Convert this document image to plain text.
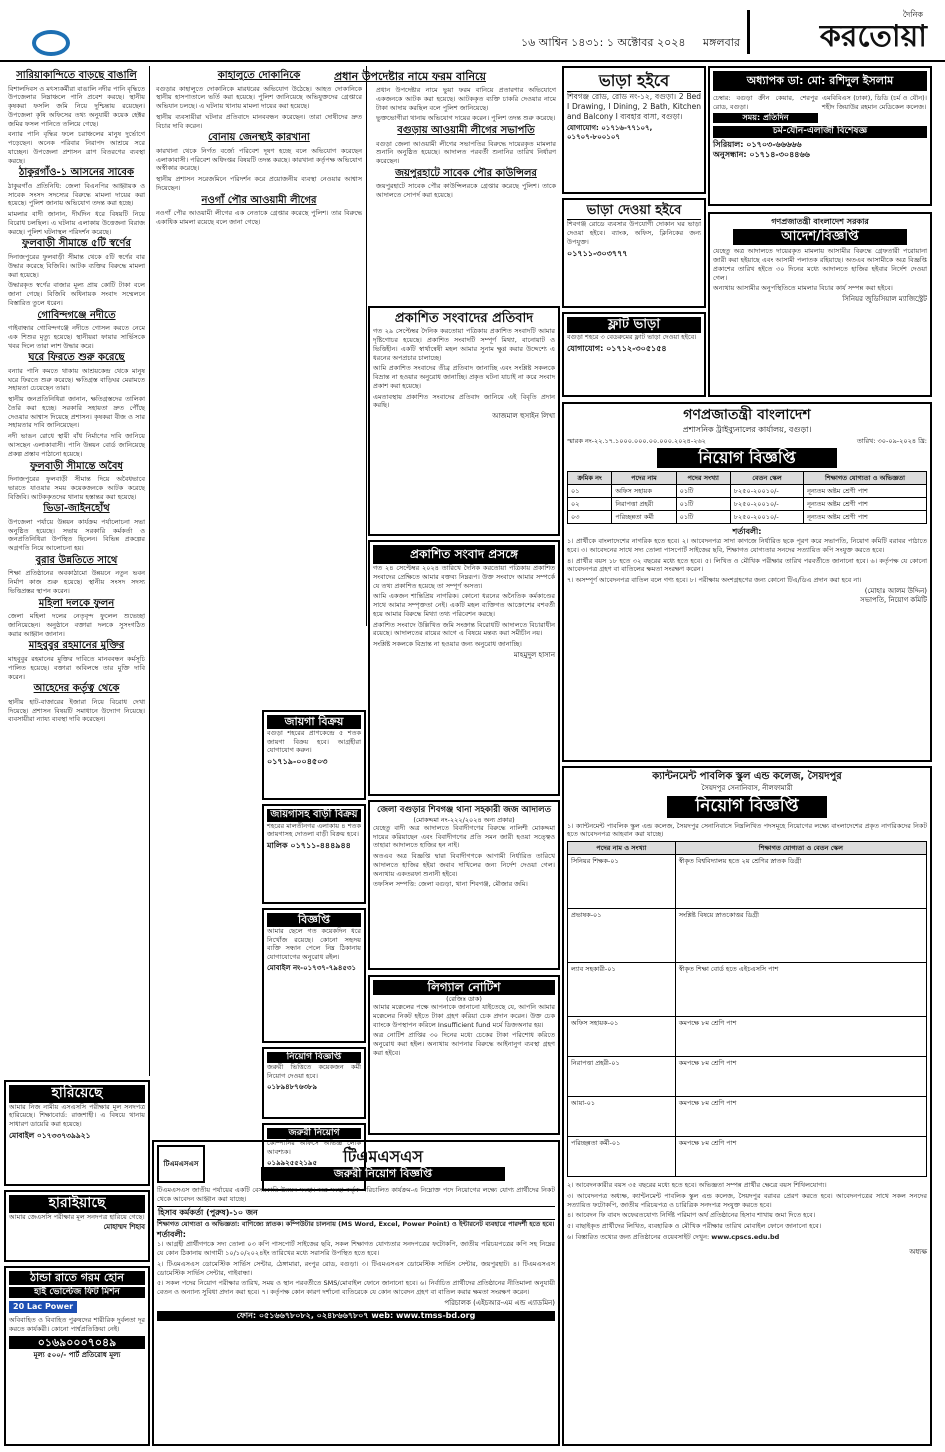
১৬ আশ্বিন ১৪৩১: ১ অক্টোবর ২০২৪ মঙ্গলবার
দৈনিক
করতোয়া
সারিয়াকান্দিতে বাড়ছে বাঙালি

বিশালদিবস ও মৎস্যকর্মীরা বাঙালি নদীর পানি বৃদ্ধিতে উপজেলার নিম্নাঞ্চলে পানি প্রবেশ করছে। স্থানীয় কৃষকরা ফসলি জমি নিয়ে দুশ্চিন্তায় রয়েছেন। উপজেলা কৃষি অফিসের তথ্য অনুযায়ী কয়েক হেক্টর জমির ফসল পানিতে তলিয়ে গেছে।

বন্যার পানি বৃদ্ধির ফলে চরাঞ্চলের মানুষ দুর্ভোগে পড়েছেন। অনেক পরিবার নিরাপদ আশ্রয়ে সরে যাচ্ছেন। উপজেলা প্রশাসন ত্রাণ বিতরণের ব্যবস্থা করছে।

ঠাকুরগাঁও-১ আসনের সাবেক

ঠাকুরগাঁও প্রতিনিধি: জেলা বিএনপির আহ্বায়ক ও সাবেক সংসদ সদস্যের বিরুদ্ধে মামলা দায়ের করা হয়েছে। পুলিশ জানায় অভিযোগ তদন্ত করা হচ্ছে।

মামলার বাদী জানান, দীর্ঘদিন ধরে বিষয়টি নিয়ে বিরোধ চলছিল। এ ঘটনায় এলাকায় উত্তেজনা বিরাজ করছে। পুলিশ ঘটনাস্থল পরিদর্শন করেছে।

ফুলবাড়ী সীমান্তে ৫টি স্বর্ণের

দিনাজপুরের ফুলবাড়ী সীমান্ত থেকে ৫টি স্বর্ণের বার উদ্ধার করেছে বিজিবি। আটক ব্যক্তির বিরুদ্ধে মামলা করা হয়েছে।

উদ্ধারকৃত স্বর্ণের বাজার মূল্য প্রায় কোটি টাকা বলে জানা গেছে। বিজিবি অধিনায়ক সংবাদ সম্মেলনে বিস্তারিত তুলে ধরেন।

গোবিন্দগঞ্জে নদীতে

গাইবান্ধার গোবিন্দগঞ্জে নদীতে গোসল করতে নেমে এক শিশুর মৃত্যু হয়েছে। স্থানীয়রা ফায়ার সার্ভিসকে খবর দিলে তারা লাশ উদ্ধার করে।

ঘরে ফিরতে শুরু করেছে

বন্যার পানি কমতে থাকায় আশ্রয়কেন্দ্র থেকে মানুষ ঘরে ফিরতে শুরু করেছে। ক্ষতিগ্রস্ত বাড়িঘর মেরামতে সহায়তা চেয়েছেন তারা।

স্থানীয় জনপ্রতিনিধিরা জানান, ক্ষতিগ্রস্তদের তালিকা তৈরি করা হচ্ছে। সরকারি সহায়তা দ্রুত পৌঁছে দেওয়ার আশ্বাস দিয়েছে প্রশাসন। কৃষকরা বীজ ও সার সহায়তার দাবি জানিয়েছেন।

নদী ভাঙন রোধে স্থায়ী বাঁধ নির্মাণের দাবি জানিয়ে আসছেন এলাকাবাসী। পানি উন্নয়ন বোর্ড জানিয়েছে প্রকল্প প্রস্তাব পাঠানো হয়েছে।

ফুলবাড়ী সীমান্তে অবৈধ

দিনাজপুরের ফুলবাড়ী সীমান্ত দিয়ে অবৈধভাবে ভারতে যাওয়ার সময় কয়েকজনকে আটক করেছে বিজিবি। আটককৃতদের থানায় হস্তান্তর করা হয়েছে।

ভিডা-জাইনহোঁথ

উপজেলা পর্যায়ে উন্নয়ন কার্যক্রম পর্যালোচনা সভা অনুষ্ঠিত হয়েছে। সভায় সরকারি কর্মকর্তা ও জনপ্রতিনিধিরা উপস্থিত ছিলেন। বিভিন্ন প্রকল্পের অগ্রগতি নিয়ে আলোচনা হয়।

বুরার উন্নতিতে সাথে

শিক্ষা প্রতিষ্ঠানের অবকাঠামো উন্নয়নে নতুন ভবন নির্মাণ কাজ শুরু হয়েছে। স্থানীয় সংসদ সদস্য ভিত্তিপ্রস্তর স্থাপন করেন।

মহিলা দলকে ফুলন

জেলা মহিলা দলের নেতৃবৃন্দ ফুলেল শুভেচ্ছা জানিয়েছেন। অনুষ্ঠানে বক্তারা দলকে সুসংগঠিত করার আহ্বান জানান।

মাহবুবুর রহমানের মুক্তির

মাহবুবুর রহমানের মুক্তির দাবিতে মানববন্ধন কর্মসূচি পালিত হয়েছে। বক্তারা অবিলম্বে তার মুক্তি দাবি করেন।

আহেদের কর্তৃত্ব থেকে

স্থানীয় হাট-বাজারের ইজারা নিয়ে বিরোধ দেখা দিয়েছে। প্রশাসন বিষয়টি সমাধানে উদ্যোগ নিয়েছে। ব্যবসায়ীরা ন্যায্য ব্যবস্থা দাবি করেছেন।

কাহালুতে দোকানিকে

বগুড়ার কাহালুতে দোকানিকে মারধরের অভিযোগ উঠেছে। আহত দোকানিকে স্থানীয় হাসপাতালে ভর্তি করা হয়েছে। পুলিশ জানিয়েছে অভিযুক্তদের গ্রেপ্তারে অভিযান চলছে। এ ঘটনায় থানায় মামলা দায়ের করা হয়েছে।

স্থানীয় ব্যবসায়ীরা ঘটনার প্রতিবাদে মানববন্ধন করেছেন। তারা দোষীদের দ্রুত বিচার দাবি করেন।

বোনায় জেনস্থ্যই কারখানা

কারখানা থেকে নির্গত বর্জ্যে পরিবেশ দূষণ হচ্ছে বলে অভিযোগ করেছেন এলাকাবাসী। পরিবেশ অধিদপ্তর বিষয়টি তদন্ত করছে। কারখানা কর্তৃপক্ষ অভিযোগ অস্বীকার করেছে।

স্থানীয় প্রশাসন সরেজমিনে পরিদর্শন করে প্রয়োজনীয় ব্যবস্থা নেওয়ার আশ্বাস দিয়েছেন।

নওগাঁ পৌর আওয়ামী লীগের

নওগাঁ পৌর আওয়ামী লীগের এক নেতাকে গ্রেপ্তার করেছে পুলিশ। তার বিরুদ্ধে একাধিক মামলা রয়েছে বলে জানা গেছে।

প্রধান উপদেষ্টার নামে ফরম বানিয়ে

প্রধান উপদেষ্টার নামে ভুয়া ফরম বানিয়ে প্রতারণার অভিযোগে একজনকে আটক করা হয়েছে। আটককৃত ব্যক্তি চাকরি দেওয়ার নামে টাকা আদায় করছিল বলে পুলিশ জানিয়েছে।

ভুক্তভোগীরা থানায় অভিযোগ দায়ের করেন। পুলিশ তদন্ত শুরু করেছে।

বগুড়ায় আওয়ামী লীগের সভাপতি

বগুড়া জেলা আওয়ামী লীগের সভাপতির বিরুদ্ধে দায়েরকৃত মামলার শুনানি অনুষ্ঠিত হয়েছে। আদালত পরবর্তী শুনানির তারিখ নির্ধারণ করেছেন।

জয়পুরহাটে সাবেক পৌর কাউন্সিলর

জয়পুরহাটে সাবেক পৌর কাউন্সিলরকে গ্রেপ্তার করেছে পুলিশ। তাকে আদালতে সোপর্দ করা হয়েছে।

প্রকাশিত সংবাদের প্রতিবাদ

গত ২৯ সেপ্টেম্বর দৈনিক করতোয়া পত্রিকায় প্রকাশিত সংবাদটি আমার দৃষ্টিগোচর হয়েছে। প্রকাশিত সংবাদটি সম্পূর্ণ মিথ্যা, বানোয়াট ও ভিত্তিহীন। একটি স্বার্থান্বেষী মহল আমার সুনাম ক্ষুণ্ণ করার উদ্দেশ্যে এ ধরনের অপপ্রচার চালাচ্ছে।

আমি প্রকাশিত সংবাদের তীব্র প্রতিবাদ জানাচ্ছি এবং সংশ্লিষ্ট সকলকে বিভ্রান্ত না হওয়ার অনুরোধ জানাচ্ছি। প্রকৃত ঘটনা যাচাই না করে সংবাদ প্রকাশ করা হয়েছে।

এমতাবস্থায় প্রকাশিত সংবাদের প্রতিবাদ জানিয়ে এই বিবৃতি প্রদান করছি।

আজমাল হুসাইন লিখা
প্রকাশিত সংবাদ প্রসঙ্গে

গত ২৪ সেপ্টেম্বর ২০২৪ তারিখে দৈনিক করতোয়া পত্রিকায় প্রকাশিত সংবাদের প্রেক্ষিতে আমার বক্তব্য নিম্নরূপ। উক্ত সংবাদে আমার সম্পর্কে যে তথ্য প্রকাশিত হয়েছে তা সম্পূর্ণ অসত্য।

আমি একজন শান্তিপ্রিয় নাগরিক। কোনো ধরনের অনৈতিক কর্মকাণ্ডের সাথে আমার সম্পৃক্ততা নেই। একটি মহল ব্যক্তিগত আক্রোশের বশবর্তী হয়ে আমার বিরুদ্ধে মিথ্যা তথ্য পরিবেশন করছে।

প্রকাশিত সংবাদে উল্লিখিত জমি সংক্রান্ত বিরোধটি আদালতে বিচারাধীন রয়েছে। আদালতের রায়ের আগে এ বিষয়ে মন্তব্য করা সমীচীন নয়।

সংশ্লিষ্ট সকলকে বিভ্রান্ত না হওয়ার জন্য অনুরোধ জানাচ্ছি।

মাহমুদুল হাসান
জায়গা বিক্রয়

বগুড়া শহরের প্রাণকেন্দ্রে ৫ শতক জায়গা বিক্রয় হবে। আগ্রহীরা যোগাযোগ করুন।

০১৭১৯-০০৪৫০৩
জায়গাসহ বাড়ী বিক্রয়

শহরের মালতীনগর এলাকায় ৪ শতক জায়গাসহ দোতলা বাড়ী বিক্রয় হবে।

মালিক ০১৭১১-৪৪৪৯৪৪
বিজ্ঞপ্তি

আমার ছেলে গত কয়েকদিন ধরে নিখোঁজ রয়েছে। কোনো সহৃদয় ব্যক্তি সন্ধান পেলে নিম্ন ঠিকানায় যোগাযোগের অনুরোধ রইল।

মোবাইল নং-০১৭৩৭-৭৯৪৫৩১
নিয়োগ বিজ্ঞপ্তি

জরুরী ভিত্তিতে কয়েকজন কর্মী নিয়োগ দেওয়া হবে।

০১৮৯৪৮৭৬৩৮৯
জরুরী নিয়োগ

কোম্পানির অফিসে অভিজ্ঞ লোক আবশ্যক।

০১৯৯২৫৫২১৯৫
জেলা বগুড়ার শিবগঞ্জ থানা সহকারী জজ আদালত
(মোকদ্দমা নং-২২২/২০২৪ অন্য প্রকার)

যেহেতু বাদী অত্র আদালতে বিবাদীগণের বিরুদ্ধে নালিশী মোকদ্দমা দায়ের করিয়াছেন এবং বিবাদীগণের প্রতি সমন জারী হওয়া সত্ত্বেও তাহারা আদালতে হাজির হন নাই।

অতএব অত্র বিজ্ঞপ্তি দ্বারা বিবাদীগণকে আগামী নির্ধারিত তারিখে আদালতে হাজির হইয়া জবাব দাখিলের জন্য নির্দেশ দেওয়া গেল। অন্যথায় একতরফা শুনানী হইবে।

তফসিল সম্পত্তি: জেলা বগুড়া, থানা শিবগঞ্জ, মৌজার জমি।

লিগ্যাল নোটিশ
(রেজিঃ ডাক)

আমার মক্কেলের পক্ষে আপনাকে জানানো যাইতেছে যে, আপনি আমার মক্কেলের নিকট হইতে টাকা গ্রহণ করিয়া চেক প্রদান করেন। উক্ত চেক ব্যাংকে উপস্থাপন করিলে Insufficient fund মর্মে ডিজঅনার হয়।

অত্র নোটিশ প্রাপ্তির ৩০ দিনের মধ্যে চেকের টাকা পরিশোধ করিতে অনুরোধ করা হইল। অন্যথায় আপনার বিরুদ্ধে আইনানুগ ব্যবস্থা গ্রহণ করা হইবে।

ভাড়া হইবে

শিবগঞ্জ রোড, রোড নং-১২, বগুড়া। 2 Bed I Drawing, I Dining, 2 Bath, Kitchen and Balcony I ব্যবহার বাসা, বগুড়া।

যোগাযোগ: ০১৭১৬-৭৭১০৭, ০১৭০৭-৮০০১০৭
ভাড়া দেওয়া হইবে

শিবগঞ্জ রোডে ব্যবসার উপযোগী দোকান ঘর ভাড়া দেওয়া হইবে। ব্যাংক, অফিস, ক্লিনিকের জন্য উপযুক্ত।

০১৭১১-৩০৩৭৭৭
ফ্লাট ভাড়া

বগুড়া শহরে ৩ বেডরুমের ফ্লাট ভাড়া দেওয়া হইবে।

যোগাযোগ: ০১৭১২-৩০৫১৫৪
অধ্যাপক ডা: মো: রশিদুল ইসলাম

চেম্বার: বগুড়া ক্রীন কেয়ার, শেরপুর রোড, বগুড়া।

সময়: প্রতিদিন

এমবিবিএস (ঢাকা), ডিডি (চর্ম ও যৌন)। শহীদ জিয়াউর রহমান মেডিকেল কলেজ।

চর্ম-যৌন-এলার্জী বিশেষজ্ঞ
সিরিয়াল: ০১৭০৩-৬৬৬৬৬
অনুসন্ধান: ০১৭১৪-৩০৪৪৬৬
গণপ্রজাতন্ত্রী বাংলাদেশ সরকার
আদেশ/বিজ্ঞপ্তি

যেহেতু অত্র আদালতে দায়েরকৃত মামলায় আসামীর বিরুদ্ধে গ্রেফতারী পরোয়ানা জারী করা হইয়াছে এবং আসামী পলাতক রহিয়াছে। অতএব আসামীকে অত্র বিজ্ঞপ্তি প্রকাশের তারিখ হইতে ৩০ দিনের মধ্যে আদালতে হাজির হইবার নির্দেশ দেওয়া গেল।

অন্যথায় আসামীর অনুপস্থিতিতে মামলার বিচার কার্য সম্পন্ন করা হইবে।

সিনিয়র জুডিসিয়াল ম্যাজিস্ট্রেট
গণপ্রজাতন্ত্রী বাংলাদেশ
প্রশাসনিক ট্রাইব্যুনালের কার্যালয়, বগুড়া।
স্মারক নং-২২.১৭.১০০০.০০০.০০.০০০.২০২৪-২৬২	তারিখ: ৩০-০৯-২০২৪ খ্রি:
নিয়োগ বিজ্ঞপ্তি
ক্রমিক নং	পদের নাম	পদের সংখ্যা	বেতন স্কেল	শিক্ষাগত যোগ্যতা ও অভিজ্ঞতা
০১	অফিস সহায়ক	০১টি	৮২৫০-২০০১০/-	নূন্যতম অষ্টম শ্রেণী পাশ
০২	নিরাপত্তা প্রহরী	০১টি	৮২৫০-২০০১০/-	নূন্যতম অষ্টম শ্রেণী পাশ
০৩	পরিচ্ছন্নতা কর্মী	০১টি	৮২৫০-২০০১০/-	নূন্যতম অষ্টম শ্রেণী পাশ
শর্তাবলী:

১। প্রার্থীকে বাংলাদেশের নাগরিক হতে হবে। ২। আবেদনপত্র সাদা কাগজে নির্ধারিত ছকে পূরণ করে সভাপতি, নিয়োগ কমিটি বরাবর পাঠাতে হবে। ৩। আবেদনের সাথে সদ্য তোলা পাসপোর্ট সাইজের ছবি, শিক্ষাগত যোগ্যতার সনদের সত্যায়িত কপি সংযুক্ত করতে হবে।

৪। প্রার্থীর বয়স ১৮ হতে ৩২ বছরের মধ্যে হতে হবে। ৫। লিখিত ও মৌখিক পরীক্ষার তারিখ পরবর্তীতে জানানো হবে। ৬। কর্তৃপক্ষ যে কোনো আবেদনপত্র গ্রহণ বা বাতিলের ক্ষমতা সংরক্ষণ করেন।

৭। অসম্পূর্ণ আবেদনপত্র বাতিল বলে গণ্য হবে। ৮। পরীক্ষায় অংশগ্রহণের জন্য কোনো টিএ/ডিএ প্রদান করা হবে না।

(মোহাঃ আলম উদ্দিন)
সভাপতি, নিয়োগ কমিটি
ক্যান্টনমেন্ট পাবলিক স্কুল এন্ড কলেজ, সৈয়দপুর
সৈয়দপুর সেনানিবাস, নীলফামারী
নিয়োগ বিজ্ঞপ্তি

১। ক্যান্টনমেন্ট পাবলিক স্কুল এন্ড কলেজ, সৈয়দপুর সেনানিবাসে নিম্নলিখিত পদসমূহে নিয়োগের লক্ষ্যে বাংলাদেশের প্রকৃত নাগরিকদের নিকট হতে আবেদনপত্র আহবান করা যাচ্ছে।

পদের নাম ও সংখ্যা	শিক্ষাগত যোগ্যতা ও বেতন স্কেল
সিনিয়র শিক্ষক-০১	স্বীকৃত বিশ্ববিদ্যালয় হতে ২য় শ্রেণির স্নাতক ডিগ্রী
প্রভাষক-০১	সংশ্লিষ্ট বিষয়ে স্নাতকোত্তর ডিগ্রী
ল্যাব সহকারী-০১	স্বীকৃত শিক্ষা বোর্ড হতে এইচএসসি পাশ
অফিস সহায়ক-০১	কমপক্ষে ৮ম শ্রেণি পাশ
নিরাপত্তা প্রহরী-০১	কমপক্ষে ৮ম শ্রেণি পাশ
আয়া-০১	কমপক্ষে ৮ম শ্রেণি পাশ
পরিচ্ছন্নতা কর্মী-০১	কমপক্ষে ৮ম শ্রেণি পাশ

২। আবেদনকারীর বয়স ৩৫ বছরের মধ্যে হতে হবে। অভিজ্ঞতা সম্পন্ন প্রার্থীর ক্ষেত্রে বয়স শিথিলযোগ্য।

৩। আবেদনপত্র অধ্যক্ষ, ক্যান্টনমেন্ট পাবলিক স্কুল এন্ড কলেজ, সৈয়দপুর বরাবর প্রেরণ করতে হবে। আবেদনপত্রের সাথে সকল সনদের সত্যায়িত ফটোকপি, জাতীয় পরিচয়পত্র ও চারিত্রিক সনদপত্র সংযুক্ত করতে হবে।

৪। আবেদন ফি বাবদ অফেরতযোগ্য নির্দিষ্ট পরিমাণ অর্থ প্রতিষ্ঠানের হিসাব শাখায় জমা দিতে হবে।

৫। বাছাইকৃত প্রার্থীদের লিখিত, ব্যবহারিক ও মৌখিক পরীক্ষার তারিখ মোবাইল ফোনে জানানো হবে।

৬। বিস্তারিত তথ্যের জন্য প্রতিষ্ঠানের ওয়েবসাইট দেখুন: www.cpscs.edu.bd

অধ্যক্ষ
হারিয়েছে

আমার নিজ নামীয় এসএসসি পরীক্ষার মূল সনদপত্র হারিয়েছে। শিক্ষাবোর্ড: রাজশাহী। এ বিষয়ে থানায় সাধারণ ডায়েরি করা হয়েছে।

মোবাইল ০১৭৩৩৭৩৯৯২১
হারাইয়াছে

আমার জেএসসি পরীক্ষার মূল সনদপত্র হারিয়ে গেছে।

মোহাম্মদ শিহাব
ঠান্ডা রাতে গরম হোন
হাই ভোল্টেজ ফিট মিশন
20 Lac Power

অবিবাহিত ও বিবাহিত পুরুষদের শারীরিক দুর্বলতা দূর করতে কার্যকরী। কোনো পার্শ্বপ্রতিক্রিয়া নেই।

০১৬৯০০০৭০৪৯
মূল্য ৫০০/- পার্ট প্রতিরোধ মূল্য
টিএমএসএস	টিএমএসএস
জরুরী নিয়োগ বিজ্ঞপ্তি

টিএমএসএস জাতীয় পর্যায়ের একটি বেসরকারি উন্নয়ন সংস্থা। অত্র সংস্থা কর্তৃক পরিচালিত কার্যক্রম-এ নিম্নোক্ত পদে নিয়োগের লক্ষ্যে যোগ্য প্রার্থীদের নিকট থেকে আবেদন আহ্বান করা যাচ্ছে।

হিসাব কর্মকর্তা (পুরুষ)-১০ জন

শিক্ষাগত যোগ্যতা ও অভিজ্ঞতা: বাণিজ্যে স্নাতক। কম্পিউটার চালনায় (MS Word, Excel, Power Point) ও ইন্টারনেট ব্যবহারে পারদর্শী হতে হবে।

শর্তাবলী:

১। আগ্রহী প্রার্থীগণকে সদ্য তোলা ০৩ কপি পাসপোর্ট সাইজের ছবি, সকল শিক্ষাগত যোগ্যতার সনদপত্রের ফটোকপি, জাতীয় পরিচয়পত্রের কপি সহ নিম্নের যে কোন ঠিকানায় আগামী ১০/১০/২০২৪ইং তারিখের মধ্যে সরাসরি উপস্থিত হতে হবে।

২। টিএমএসএস ডোমেস্টিক সার্ভিস সেন্টার, ঠেঙ্গামারা, রংপুর রোড, বগুড়া। ৩। টিএমএসএস ডোমেস্টিক সার্ভিস সেন্টার, জয়পুরহাট। ৪। টিএমএসএস ডোমেস্টিক সার্ভিস সেন্টার, গাইবান্ধা।

৫। সকল পদের নিয়োগ পরীক্ষার তারিখ, সময় ও স্থান পরবর্তীতে SMS/মোবাইল ফোনে জানানো হবে। ৬। নির্বাচিত প্রার্থীদের প্রতিষ্ঠানের নীতিমালা অনুযায়ী বেতন ও অন্যান্য সুবিধা প্রদান করা হবে। ৭। কর্তৃপক্ষ কোন কারণ দর্শানো ব্যতিরেকে যে কোন আবেদন গ্রহণ বা বাতিল করার ক্ষমতা সংরক্ষণ করেন।

পরিচালক (এইচআর-এম এন্ড এ্যাডমিন)
ফোন: ০৫১৬৬৭৮০৮২, ০২৪৮৬৬৭৮০৭ web: www.tmss-bd.org
